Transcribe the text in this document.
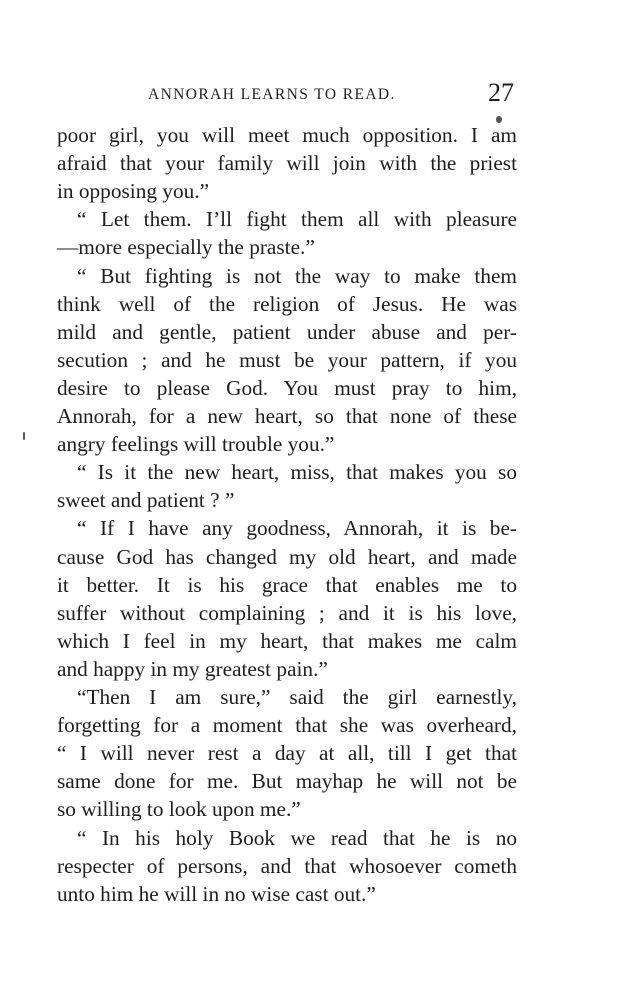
ANNORAH LEARNS TO READ.	27
poor girl, you will meet much opposition. I am
afraid that your family will join with the priest
in opposing you.”
“ Let them. I’ll fight them all with pleasure
—more especially the praste.”
“ But fighting is not the way to make them
think well of the religion of Jesus. He was
mild and gentle, patient under abuse and per-
secution ; and he must be your pattern, if you
desire to please God. You must pray to him,
Annorah, for a new heart, so that none of these
angry feelings will trouble you.”
“ Is it the new heart, miss, that makes you so
sweet and patient ? ”
“ If I have any goodness, Annorah, it is be-
cause God has changed my old heart, and made
it better. It is his grace that enables me to
suffer without complaining ; and it is his love,
which I feel in my heart, that makes me calm
and happy in my greatest pain.”
“Then I am sure,” said the girl earnestly,
forgetting for a moment that she was overheard,
“ I will never rest a day at all, till I get that
same done for me. But mayhap he will not be
so willing to look upon me.”
“ In his holy Book we read that he is no
respecter of persons, and that whosoever cometh
unto him he will in no wise cast out.”
